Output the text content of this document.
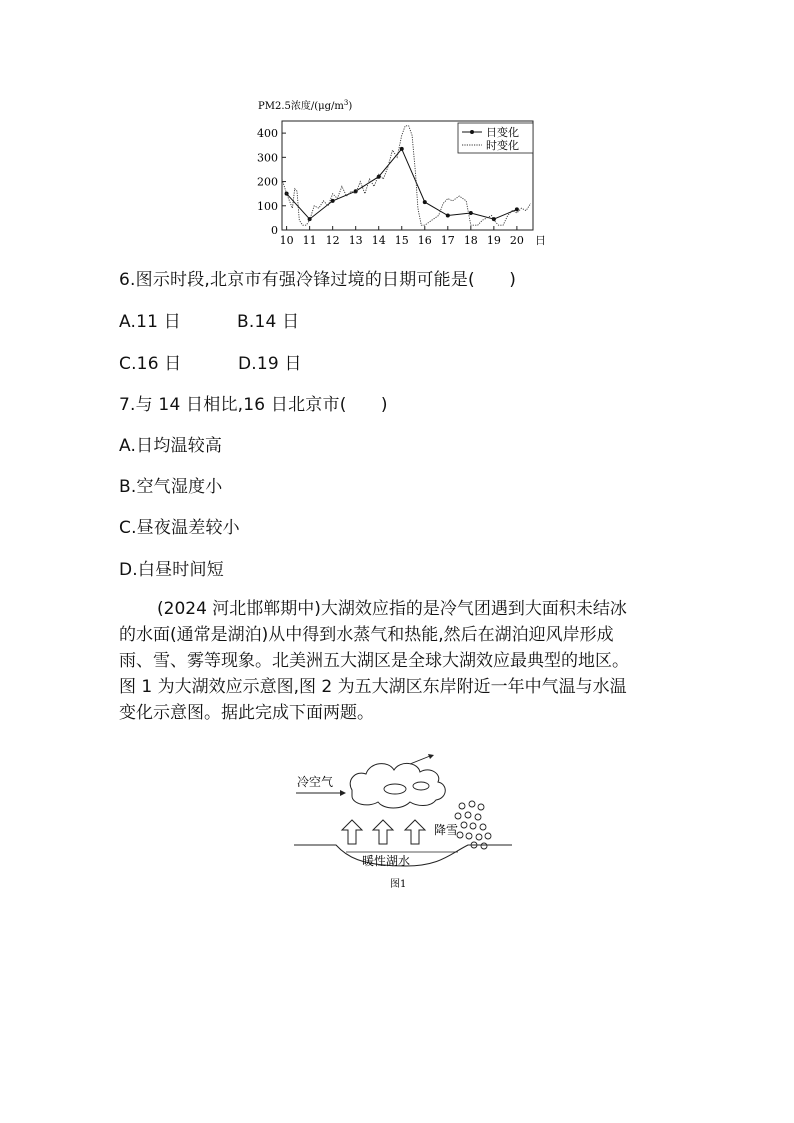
PM2.5浓度$/(\mu g/m^3)$
0
100
200
300
400
10 11 12 13 14 15 16 17 18 19 20 日
日变化
时变化
6.图示时段,北京市有强冷锋过境的日期可能是(　　)
A.11 日	B.14 日
C.16 日	D.19 日
7.与 14 日相比,16 日北京市(　　)
A.日均温较高
B.空气湿度小
C.昼夜温差较小
D.白昼时间短
(2024 河北邯郸期中)大湖效应指的是冷气团遇到大面积未结冰
的水面(通常是湖泊)从中得到水蒸气和热能,然后在湖泊迎风岸形成
雨、雪、雾等现象。北美洲五大湖区是全球大湖效应最典型的地区。
图 1 为大湖效应示意图,图 2 为五大湖区东岸附近一年中气温与水温
变化示意图。据此完成下面两题。
冷空气
降雪
暖性湖水
图1
